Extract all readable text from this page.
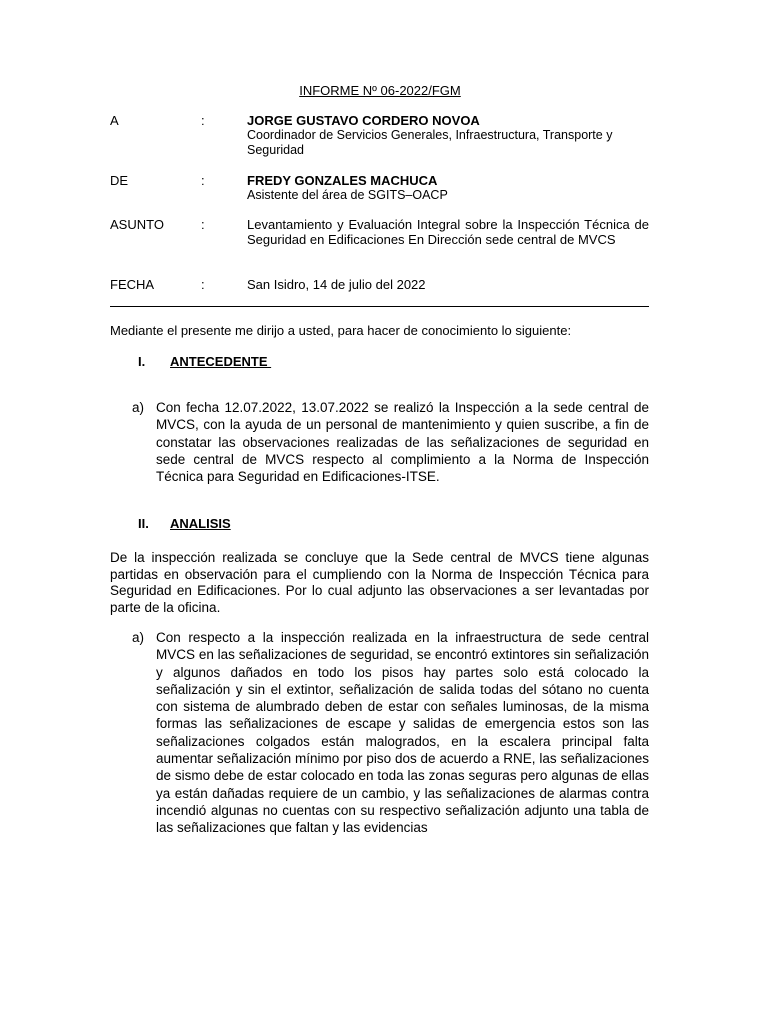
INFORME Nº 06-2022/FGM
A	:	JORGE GUSTAVO CORDERO NOVOA
Coordinador de Servicios Generales, Infraestructura, Transporte y Seguridad
DE	:	FREDY GONZALES MACHUCA
Asistente del área de SGITS–OACP
ASUNTO	:	Levantamiento y Evaluación Integral sobre la Inspección Técnica de Seguridad en Edificaciones En Dirección sede central de MVCS
FECHA	:	San Isidro, 14 de julio del 2022
Mediante el presente me dirijo a usted, para hacer de conocimiento lo siguiente:
I. ANTECEDENTE
a) Con fecha 12.07.2022, 13.07.2022 se realizó la Inspección a la sede central de MVCS, con la ayuda de un personal de mantenimiento y quien suscribe, a fin de constatar las observaciones realizadas de las señalizaciones de seguridad en sede central de MVCS respecto al complimiento a la Norma de Inspección Técnica para Seguridad en Edificaciones-ITSE.
II. ANALISIS
De la inspección realizada se concluye que la Sede central de MVCS tiene algunas partidas en observación para el cumpliendo con la Norma de Inspección Técnica para Seguridad en Edificaciones. Por lo cual adjunto las observaciones a ser levantadas por parte de la oficina.
a) Con respecto a la inspección realizada en la infraestructura de sede central MVCS en las señalizaciones de seguridad, se encontró extintores sin señalización y algunos dañados en todo los pisos hay partes solo está colocado la señalización y sin el extintor, señalización de salida todas del sótano no cuenta con sistema de alumbrado deben de estar con señales luminosas, de la misma formas las señalizaciones de escape y salidas de emergencia estos son las señalizaciones colgados están malogrados, en la escalera principal falta aumentar señalización mínimo por piso dos de acuerdo a RNE, las señalizaciones de sismo debe de estar colocado en toda las zonas seguras pero algunas de ellas ya están dañadas requiere de un cambio, y las señalizaciones de alarmas contra incendió algunas no cuentas con su respectivo señalización adjunto una tabla de las señalizaciones que faltan y las evidencias
